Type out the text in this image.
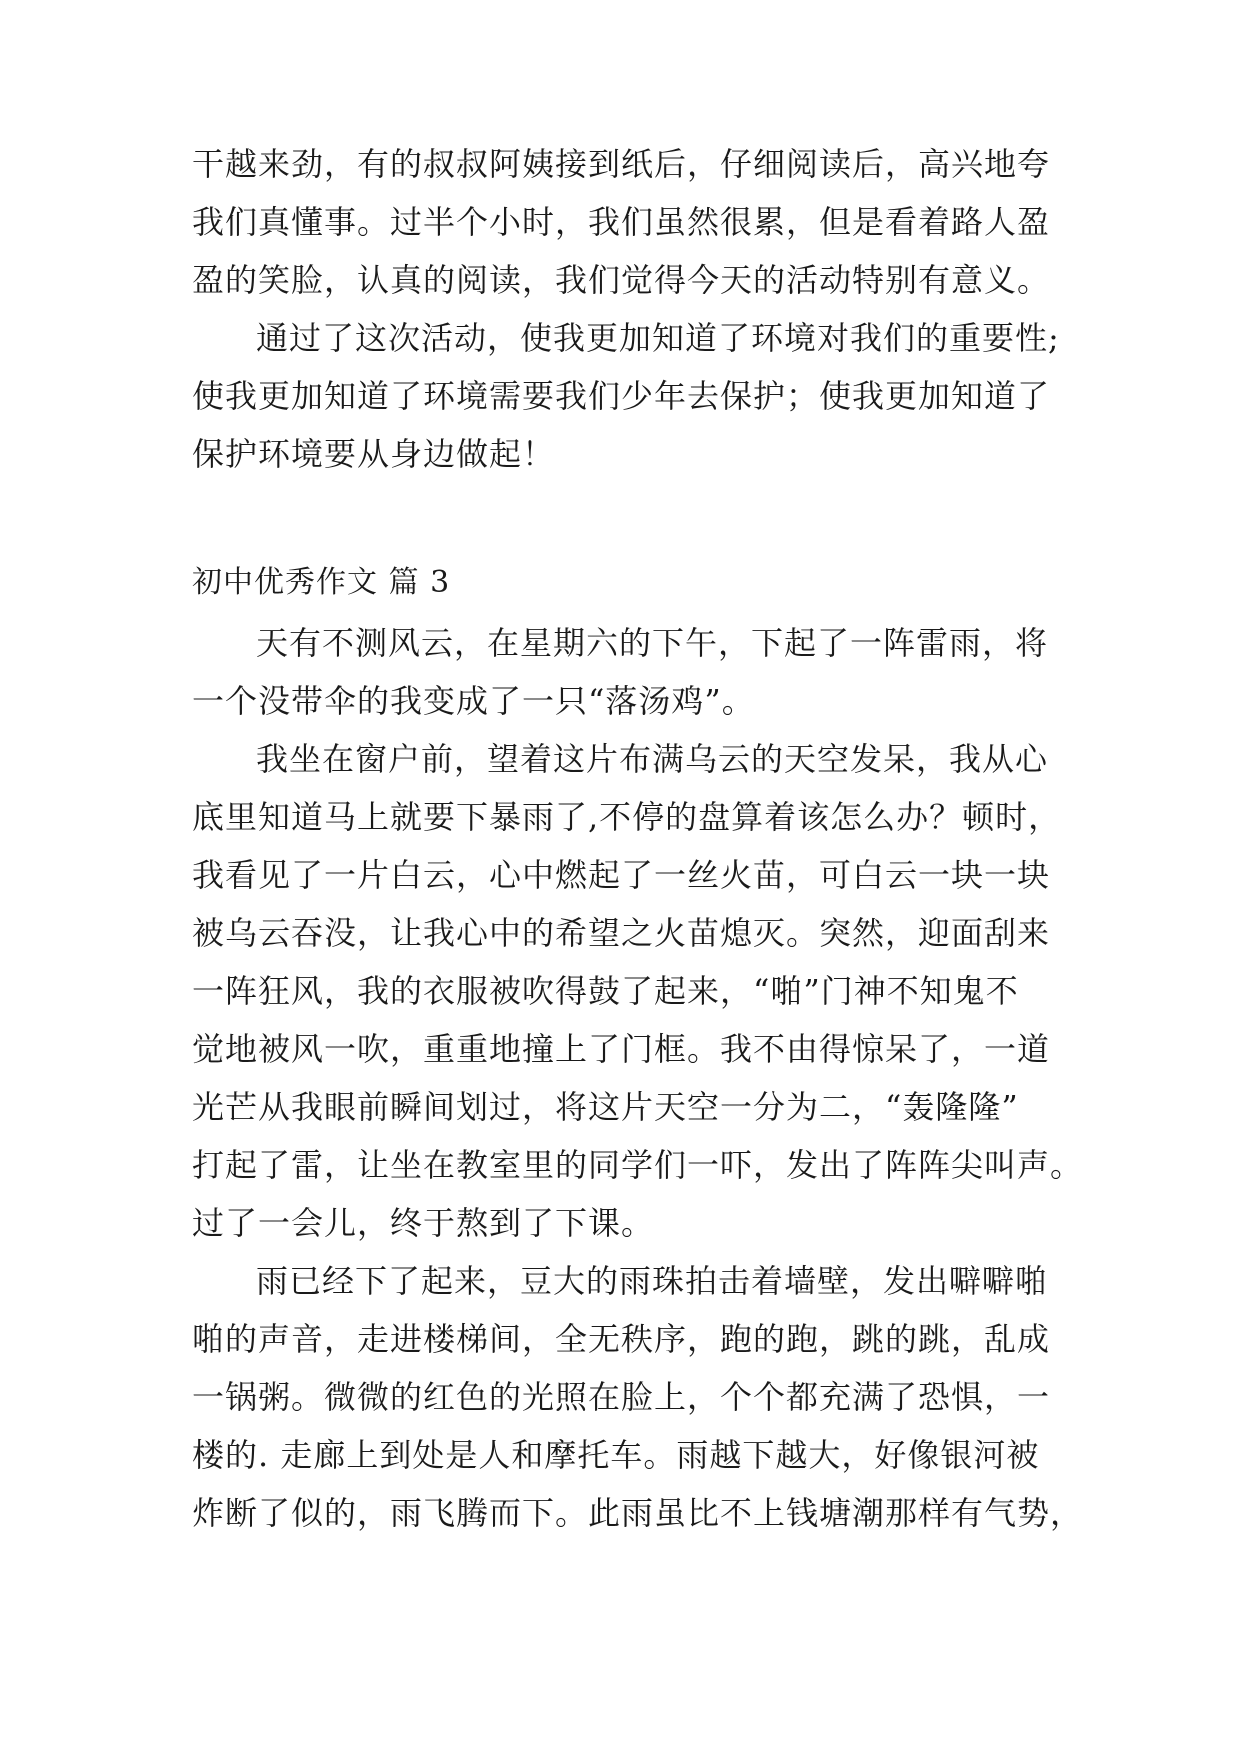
干越来劲，有的叔叔阿姨接到纸后，仔细阅读后，高兴地夸

我们真懂事。过半个小时，我们虽然很累，但是看着路人盈

盈的笑脸，认真的阅读，我们觉得今天的活动特别有意义。

通过了这次活动，使我更加知道了环境对我们的重要性;

使我更加知道了环境需要我们少年去保护；使我更加知道了

保护环境要从身边做起！

初中优秀作文 篇 3

天有不测风云，在星期六的下午，下起了一阵雷雨，将

一个没带伞的我变成了一只“落汤鸡”。

我坐在窗户前，望着这片布满乌云的天空发呆，我从心

底里知道马上就要下暴雨了,不停的盘算着该怎么办？顿时，

我看见了一片白云，心中燃起了一丝火苗，可白云一块一块

被乌云吞没，让我心中的希望之火苗熄灭。突然，迎面刮来

一阵狂风，我的衣服被吹得鼓了起来，“啪”门神不知鬼不

觉地被风一吹，重重地撞上了门框。我不由得惊呆了，一道

光芒从我眼前瞬间划过，将这片天空一分为二，“轰隆隆”

打起了雷，让坐在教室里的同学们一吓，发出了阵阵尖叫声。

过了一会儿，终于熬到了下课。

雨已经下了起来，豆大的雨珠拍击着墙壁，发出噼噼啪

啪的声音，走进楼梯间，全无秩序，跑的跑，跳的跳，乱成

一锅粥。微微的红色的光照在脸上，个个都充满了恐惧，一

楼的. 走廊上到处是人和摩托车。雨越下越大，好像银河被

炸断了似的，雨飞腾而下。此雨虽比不上钱塘潮那样有气势，
